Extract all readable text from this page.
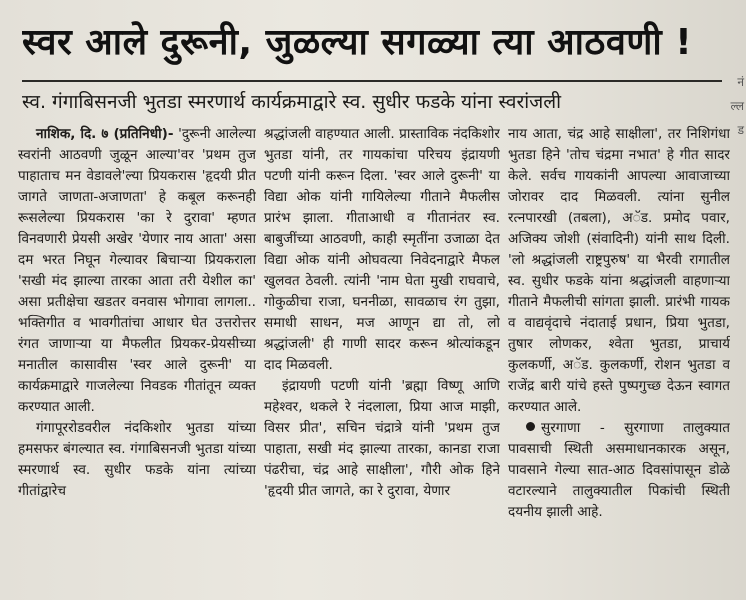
स्वर आले दुरूनी, जुळल्या सगळ्या त्या आठवणी !
स्व. गंगाबिसनजी भुतडा स्मरणार्थ कार्यक्रमाद्वारे स्व. सुधीर फडके यांना स्वरांजली
नं
ल्ल
ड

नाशिक, दि. ७ (प्रतिनिधी)- 'दुरूनी आलेल्या स्वरांनी आठवणी जुळून आल्या'वर 'प्रथम तुज पाहाताच मन वेडावले'ल्या प्रियकरास 'हृदयी प्रीत जागते जाणता-अजाणता' हे कबूल करूनही रूसलेल्या प्रियकरास 'का रे दुरावा' म्हणत विनवणारी प्रेयसी अखेर 'येणार नाय आता' असा दम भरत निघून गेल्यावर बिचाऱ्या प्रियकराला 'सखी मंद झाल्या तारका आता तरी येशील का' असा प्रतीक्षेचा खडतर वनवास भोगावा लागला.. भक्तिगीत व भावगीतांचा आधार घेत उत्तरोत्तर रंगत जाणाऱ्या या मैफलीत प्रियकर-प्रेयसीच्या मनातील कासावीस 'स्वर आले दुरूनी' या कार्यक्रमाद्वारे गाजलेल्या निवडक गीतांतून व्यक्त करण्यात आली.

गंगापूररोडवरील नंदकिशोर भुतडा यांच्या हमसफर बंगल्यात स्व. गंगाबिसनजी भुतडा यांच्या स्मरणार्थ स्व. सुधीर फडके यांना त्यांच्या गीतांद्वारेच

श्रद्धांजली वाहण्यात आली. प्रास्ताविक नंदकिशोर भुतडा यांनी, तर गायकांचा परिचय इंद्रायणी पटणी यांनी करून दिला. 'स्वर आले दुरूनी' या विद्या ओक यांनी गायिलेल्या गीताने मैफलीस प्रारंभ झाला. गीताआधी व गीतानंतर स्व. बाबुजींच्या आठवणी, काही स्मृतींना उजाळा देत विद्या ओक यांनी ओघवत्या निवेदनाद्वारे मैफल खुलवत ठेवली. त्यांनी 'नाम घेता मुखी राघवाचे, गोकुळीचा राजा, घननीळा, सावळाच रंग तुझा, समाधी साधन, मज आणून द्या तो, लो श्रद्धांजली' ही गाणी सादर करून श्रोत्यांकडून दाद मिळवली.

इंद्रायणी पटणी यांनी 'ब्रह्मा विष्णू आणि महेश्वर, थकले रे नंदलाला, प्रिया आज माझी, विसर प्रीत', सचिन चंद्रात्रे यांनी 'प्रथम तुज पाहाता, सखी मंद झाल्या तारका, कानडा राजा पंढरीचा, चंद्र आहे साक्षीला', गौरी ओक हिने 'हृदयी प्रीत जागते, का रे दुरावा, येणार

नाय आता, चंद्र आहे साक्षीला', तर निशिगंधा भुतडा हिने 'तोच चंद्रमा नभात' हे गीत सादर केले. सर्वच गायकांनी आपल्या आवाजाच्या जोरावर दाद मिळवली. त्यांना सुनील रत्नपारखी (तबला), अॅड. प्रमोद पवार, अजिक्य जोशी (संवादिनी) यांनी साथ दिली. 'लो श्रद्धांजली राष्ट्रपुरुष' या भैरवी रागातील स्व. सुधीर फडके यांना श्रद्धांजली वाहणाऱ्या गीताने मैफलीची सांगता झाली. प्रारंभी गायक व वाद्यवृंदाचे नंदाताई प्रधान, प्रिया भुतडा, तुषार लोणकर, श्वेता भुतडा, प्राचार्य कुलकर्णी, अॅड. कुलकर्णी, रोशन भुतडा व राजेंद्र बारी यांचे हस्ते पुष्पगुच्छ देऊन स्वागत करण्यात आले.

सुरगाणा - सुरगाणा तालुक्यात पावसाची स्थिती असमाधानकारक असून, पावसाने गेल्या सात-आठ दिवसांपासून डोळे वटारल्याने तालुक्यातील पिकांची स्थिती दयनीय झाली आहे.
